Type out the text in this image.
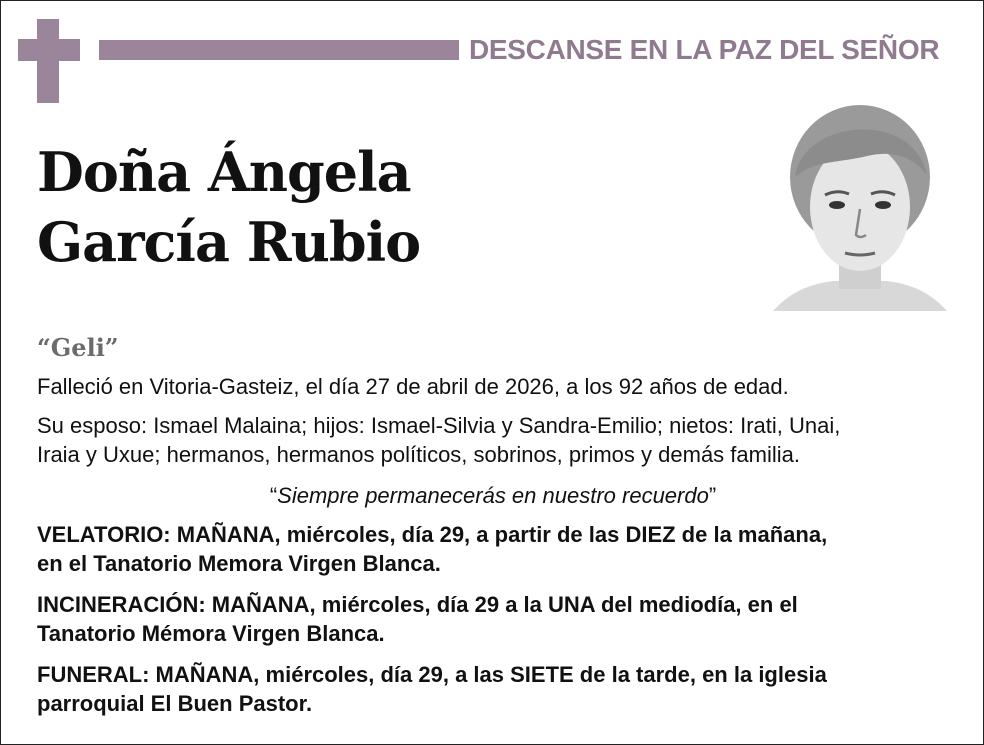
DESCANSE EN LA PAZ DEL SEÑOR
Doña Ángela
García Rubio
“Geli”
Falleció en Vitoria-Gasteiz, el día 27 de abril de 2026, a los 92 años de edad.
Su esposo: Ismael Malaina; hijos: Ismael-Silvia y Sandra-Emilio; nietos: Irati, Unai,
Iraia y Uxue; hermanos, hermanos políticos, sobrinos, primos y demás familia.
“Siempre permanecerás en nuestro recuerdo”
VELATORIO: MAÑANA, miércoles, día 29, a partir de las DIEZ de la mañana,
en el Tanatorio Memora Virgen Blanca.
INCINERACIÓN: MAÑANA, miércoles, día 29 a la UNA del mediodía, en el
Tanatorio Mémora Virgen Blanca.
FUNERAL: MAÑANA, miércoles, día 29, a las SIETE de la tarde, en la iglesia
parroquial El Buen Pastor.
